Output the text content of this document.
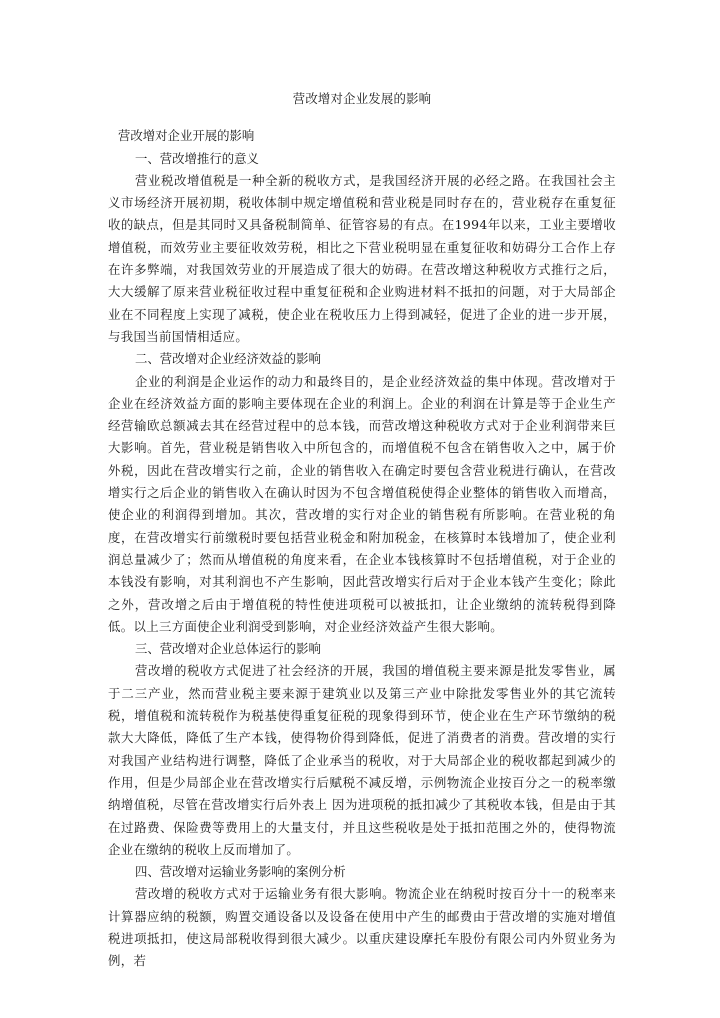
营改增对企业发展的影响
营改增对企业开展的影响
一、营改增推行的意义

营业税改增值税是一种全新的税收方式，是我国经济开展的必经之路。在我国社会主义市场经济开展初期，税收体制中规定增值税和营业税是同时存在的，营业税存在重复征收的缺点，但是其同时又具备税制简单、征管容易的有点。在1994年以来，工业主要增收增值税，而效劳业主要征收效劳税，相比之下营业税明显在重复征收和妨碍分工合作上存在许多弊端，对我国效劳业的开展造成了很大的妨碍。在营改增这种税收方式推行之后，大大缓解了原来营业税征收过程中重复征税和企业购进材料不抵扣的问题，对于大局部企业在不同程度上实现了减税，使企业在税收压力上得到减轻，促进了企业的进一步开展，与我国当前国情相适应。

二、营改增对企业经济效益的影响

企业的利润是企业运作的动力和最终目的，是企业经济效益的集中体现。营改增对于企业在经济效益方面的影响主要体现在企业的利润上。企业的利润在计算是等于企业生产经营输欧总额减去其在经营过程中的总本钱，而营改增这种税收方式对于企业利润带来巨大影响。首先，营业税是销售收入中所包含的，而增值税不包含在销售收入之中，属于价外税，因此在营改增实行之前，企业的销售收入在确定时要包含营业税进行确认，在营改增实行之后企业的销售收入在确认时因为不包含增值税使得企业整体的销售收入而增高，使企业的利润得到增加。其次，营改增的实行对企业的销售税有所影响。在营业税的角度，在营改增实行前缴税时要包括营业税金和附加税金，在核算时本钱增加了，使企业利润总量减少了；然而从增值税的角度来看，在企业本钱核算时不包括增值税，对于企业的本钱没有影响，对其利润也不产生影响，因此营改增实行后对于企业本钱产生变化；除此之外，营改增之后由于增值税的特性使进项税可以被抵扣，让企业缴纳的流转税得到降低。以上三方面使企业利润受到影响，对企业经济效益产生很大影响。

三、营改增对企业总体运行的影响

营改增的税收方式促进了社会经济的开展，我国的增值税主要来源是批发零售业，属于二三产业，然而营业税主要来源于建筑业以及第三产业中除批发零售业外的其它流转税，增值税和流转税作为税基使得重复征税的现象得到环节，使企业在生产环节缴纳的税款大大降低，降低了生产本钱，使得物价得到降低，促进了消费者的消费。营改增的实行对我国产业结构进行调整，降低了企业承当的税收，对于大局部企业的税收都起到减少的作用，但是少局部企业在营改增实行后赋税不减反增，示例物流企业按百分之一的税率缴纳增值税，尽管在营改增实行后外表上 因为进项税的抵扣减少了其税收本钱，但是由于其在过路费、保险费等费用上的大量支付，并且这些税收是处于抵扣范围之外的，使得物流企业在缴纳的税收上反而增加了。

四、营改增对运输业务影响的案例分析

营改增的税收方式对于运输业务有很大影响。物流企业在纳税时按百分十一的税率来计算器应纳的税额，购置交通设备以及设备在使用中产生的邮费由于营改增的实施对增值税进项抵扣，使这局部税收得到很大减少。以重庆建设摩托车股份有限公司内外贸业务为例，若
